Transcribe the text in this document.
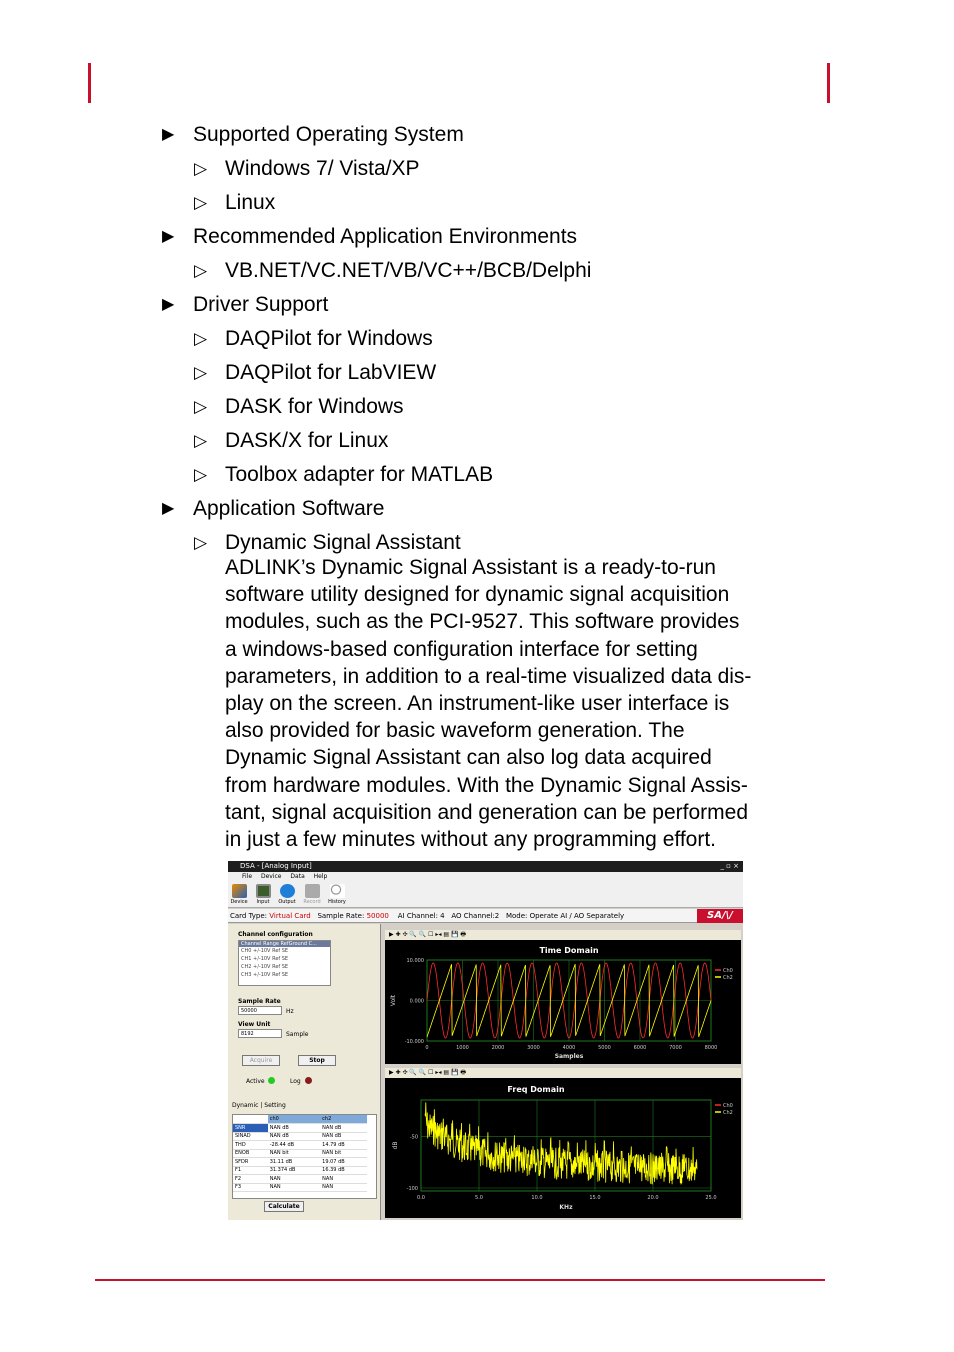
▶ Supported Operating System
▷ Windows 7/ Vista/XP
▷ Linux
▶ Recommended Application Environments
▷ VB.NET/VC.NET/VB/VC++/BCB/Delphi
▶ Driver Support
▷ DAQPilot for Windows
▷ DAQPilot for LabVIEW
▷ DASK for Windows
▷ DASK/X for Linux
▷ Toolbox adapter for MATLAB
▶ Application Software
▷ Dynamic Signal Assistant

ADLINK’s Dynamic Signal Assistant is a ready-to-run
software utility designed for dynamic signal acquisition
modules, such as the PCI-9527. This software provides
a windows-based configuration interface for setting
parameters, in addition to a real-time visualized data dis-
play on the screen. An instrument-like user interface is
also provided for basic waveform generation. The
Dynamic Signal Assistant can also log data acquired
from hardware modules. With the Dynamic Signal Assis-
tant, signal acquisition and generation can be performed
in just a few minutes without any programming effort.

DSA - [Analog Input]	_ ▫ ×
File Device Data Help
Device	Input	Output	Record	History
Card Type: Virtual Card Sample Rate: 50000 AI Channel: 4 AO Channel:2 Mode: Operate AI / AO Separately	SA/\/
Channel configuration
Channel Range RefGround C...
CH0 +/-10V Ref SE
CH1 +/-10V Ref SE
CH2 +/-10V Ref SE
CH3 +/-10V Ref SE
Sample Rate
50000	Hz
View Unit
8192	Sample
Acquire	Stop
Active	Log
Dynamic | Setting
	ch0	ch2
SNR	NAN dB	NAN dB
SINAD	NAN dB	NAN dB
THD	-28.44 dB	14.79 dB
ENOB	NAN bit	NAN bit
SFDR	31.11 dB	19.07 dB
F1	31.374 dB	16.39 dB
F2	NAN	NAN
F3	NAN	NAN
Calculate
▶ ✚ ✣ 🔍 🔍 ☐ ▸◂ ▤ 💾 🖶
Time Domain
0	1000	2000	3000	4000	5000	6000	7000	8000
10.000
0.000
-10.000
Samples
Volt
Ch0
Ch2
▶ ✚ ✣ 🔍 🔍 ☐ ▸◂ ▤ 💾 🖶
Freq Domain
0.0	5.0	10.0	15.0	20.0	25.0
-50
-100
KHz
dB
Ch0
Ch2
